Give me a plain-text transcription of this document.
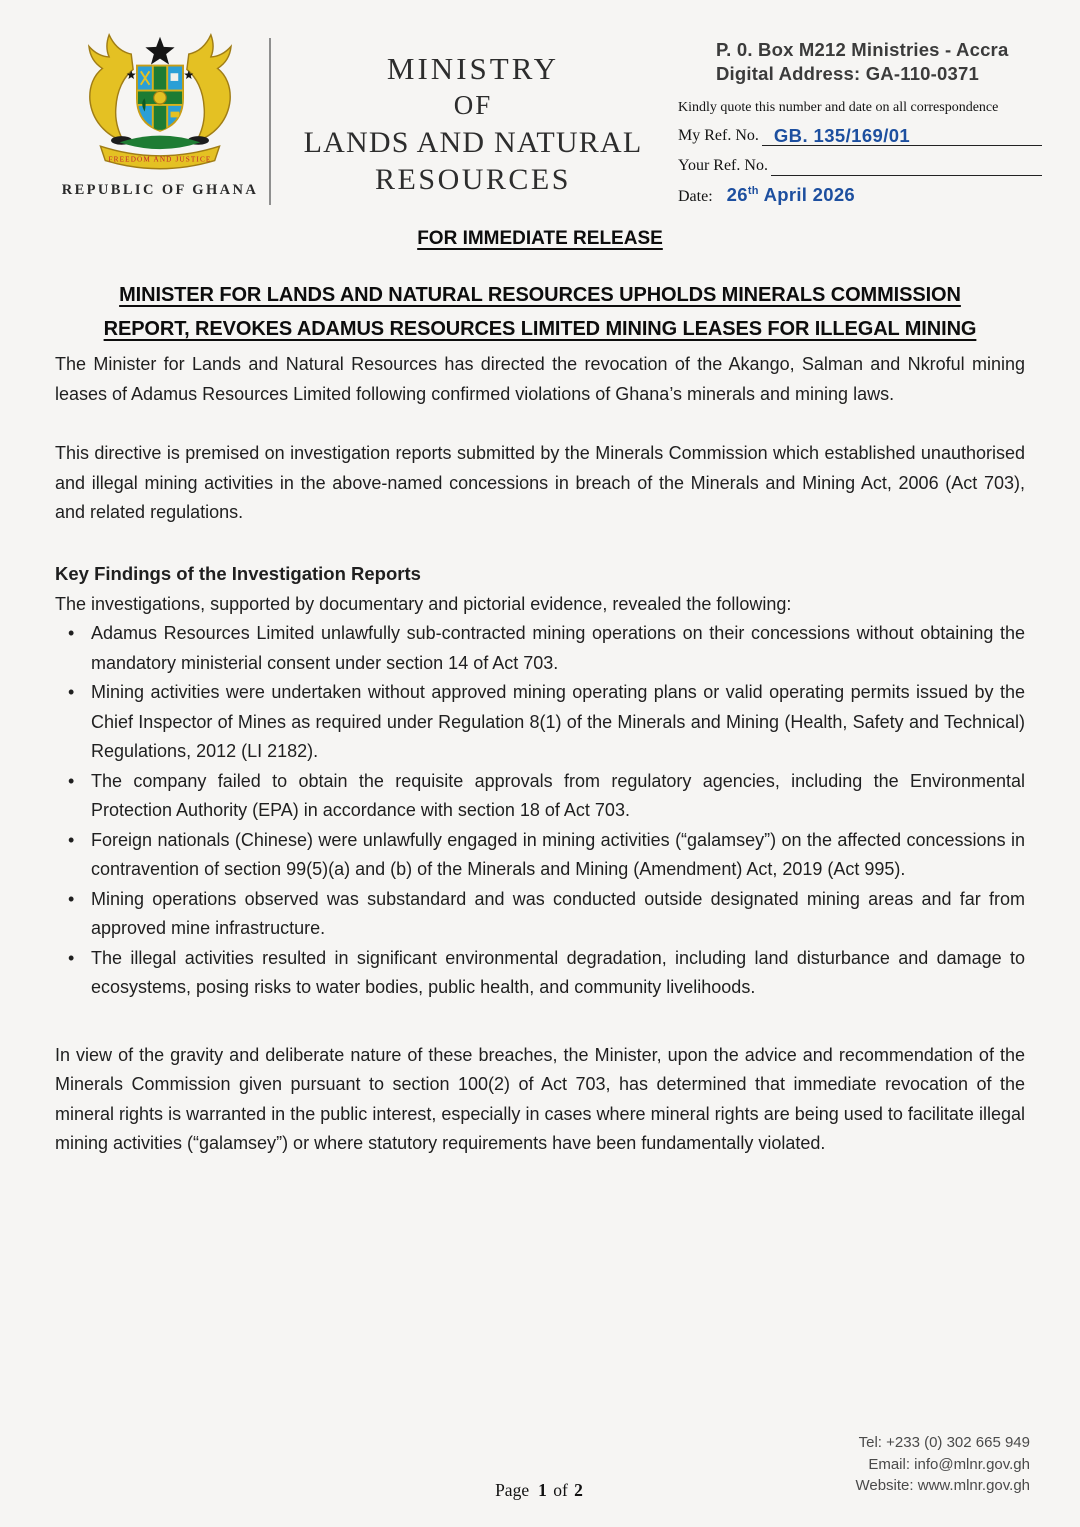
FREEDOM AND JUSTICE
REPUBLIC OF GHANA
MINISTRY
OF
LANDS AND NATURAL
RESOURCES
P. 0. Box M212 Ministries - Accra
Digital Address: GA-110-0371
Kindly quote this number and date on all correspondence
My Ref. No. GB. 135/169/01
Your Ref. No.
Date: 26th April 2026
FOR IMMEDIATE RELEASE
MINISTER FOR LANDS AND NATURAL RESOURCES UPHOLDS MINERALS COMMISSION
REPORT, REVOKES ADAMUS RESOURCES LIMITED MINING LEASES FOR ILLEGAL MINING

The Minister for Lands and Natural Resources has directed the revocation of the Akango, Salman and Nkroful mining leases of Adamus Resources Limited following confirmed violations of Ghana’s minerals and mining laws.

This directive is premised on investigation reports submitted by the Minerals Commission which established unauthorised and illegal mining activities in the above-named concessions in breach of the Minerals and Mining Act, 2006 (Act 703), and related regulations.

Key Findings of the Investigation Reports

The investigations, supported by documentary and pictorial evidence, revealed the following:

• Adamus Resources Limited unlawfully sub-contracted mining operations on their concessions without obtaining the mandatory ministerial consent under section 14 of Act 703.
• Mining activities were undertaken without approved mining operating plans or valid operating permits issued by the Chief Inspector of Mines as required under Regulation 8(1) of the Minerals and Mining (Health, Safety and Technical) Regulations, 2012 (LI 2182).
• The company failed to obtain the requisite approvals from regulatory agencies, including the Environmental Protection Authority (EPA) in accordance with section 18 of Act 703.
• Foreign nationals (Chinese) were unlawfully engaged in mining activities (“galamsey”) on the affected concessions in contravention of section 99(5)(a) and (b) of the Minerals and Mining (Amendment) Act, 2019 (Act 995).
• Mining operations observed was substandard and was conducted outside designated mining areas and far from approved mine infrastructure.
• The illegal activities resulted in significant environmental degradation, including land disturbance and damage to ecosystems, posing risks to water bodies, public health, and community livelihoods.

In view of the gravity and deliberate nature of these breaches, the Minister, upon the advice and recommendation of the Minerals Commission given pursuant to section 100(2) of Act 703, has determined that immediate revocation of the mineral rights is warranted in the public interest, especially in cases where mineral rights are being used to facilitate illegal mining activities (“galamsey”) or where statutory requirements have been fundamentally violated.

Tel: +233 (0) 302 665 949
Email: info@mlnr.gov.gh
Website: www.mlnr.gov.gh
Page 1 of 2
